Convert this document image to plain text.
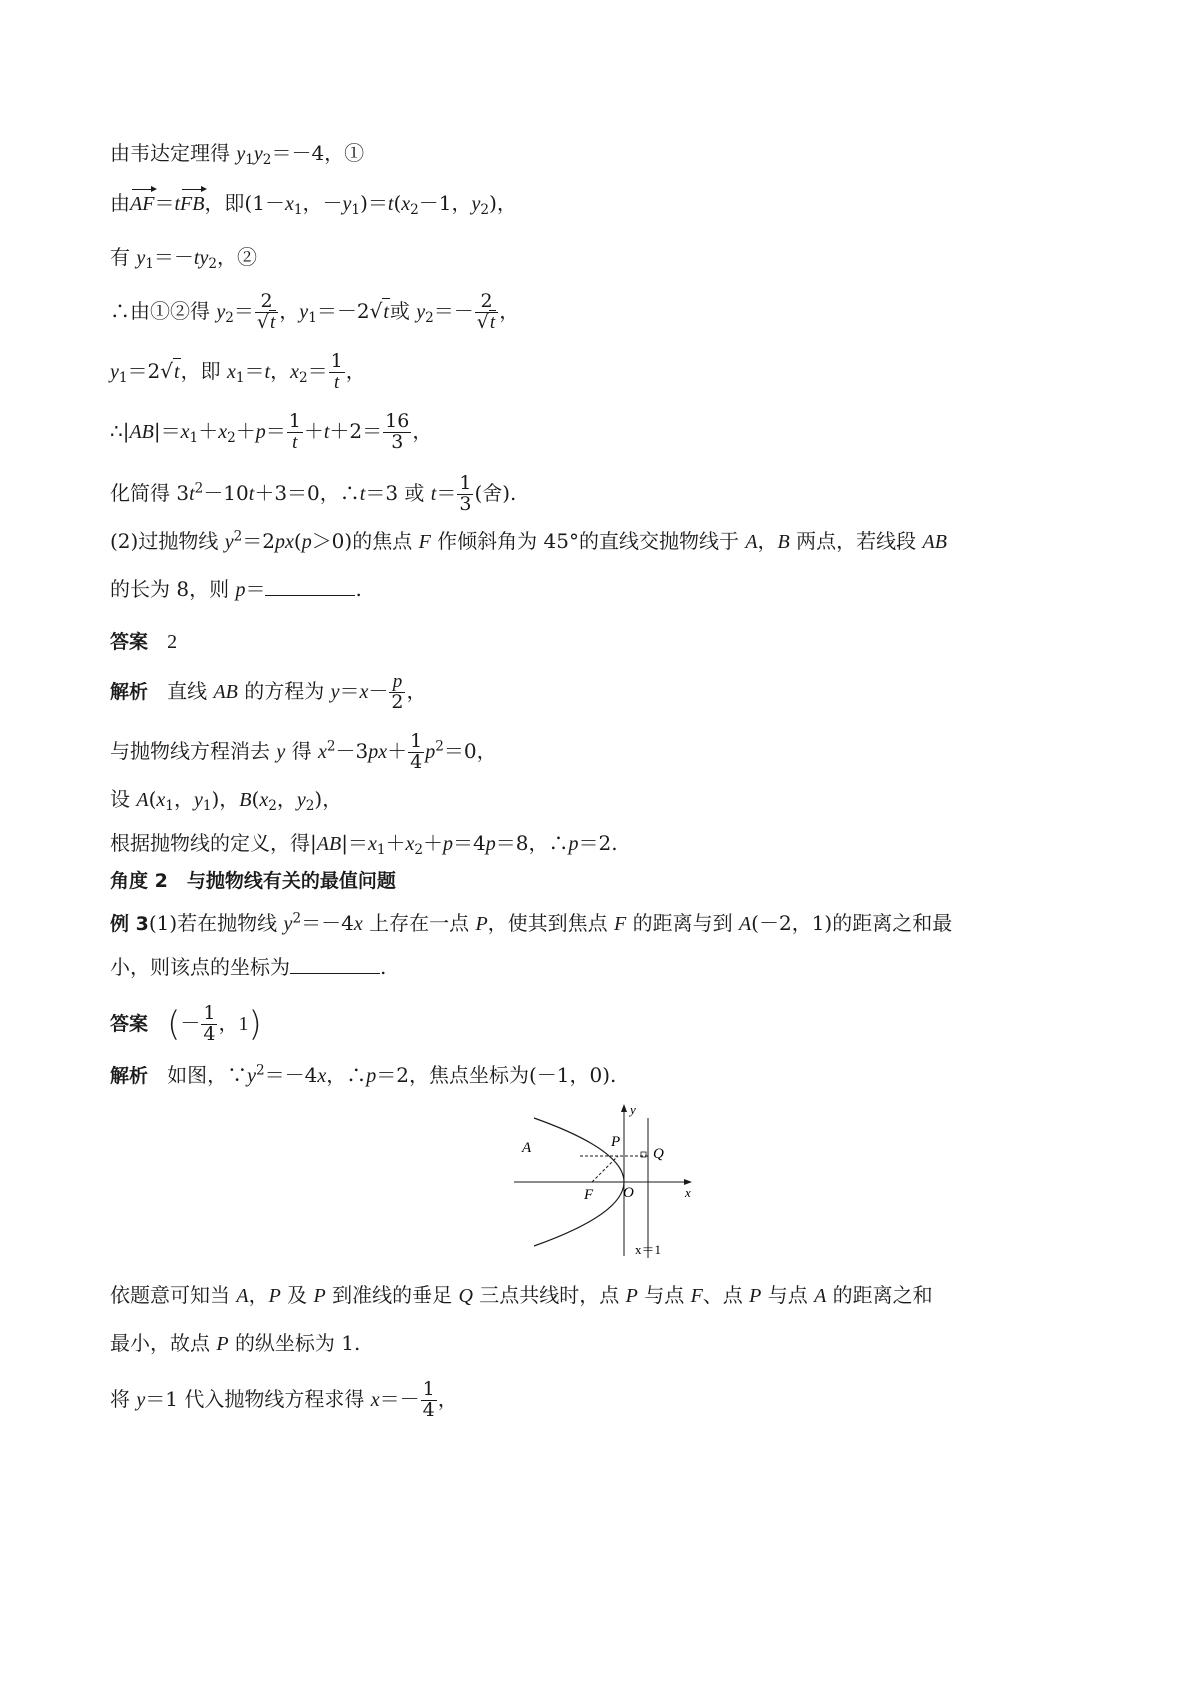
由韦达定理得 $y_1y_2=-4$，①
由AF＝tFB，即($1-x_1$，$-y_1)=t(x_2-1$，$y_2$)，
有 $y_1=-ty_2$，②
∴由①②得 $y_2= \frac{2}{√t}$ ，$y_1=-2√t$或 $y_2=- \frac{2}{√t}$ ，
$y_1=2√t$，即 $x_1=t$，$x_2= \frac{1}{t}$ ，
$\therefore|AB|=x_1+x_2+p= \frac{1}{t} +t+2= \frac{16}{3}$ ，
化简得 $3t^2-10t+3=0$，∴t＝3 或 $t= \frac{1}{3}$ (舍).
(2)过抛物线 $y^2=2px(p>0)$的焦点 F 作倾斜角为 45°的直线交抛物线于 A，B 两点，若线段 AB
的长为 8，则 p＝	.
答案 2
解析 直线 AB 的方程为 $y=x- \frac{p}{2}$ ，
与抛物线方程消去 y 得 $x^2-3px+ \frac{1}{4} p^2=0$，
设 $A(x_1$，$y_1$)，$B(x_2$，$y_2$)，
根据抛物线的定义，得$|AB|=x_1+x_2+p=4p=8$，∴p＝2.
角度 2　与抛物线有关的最值问题
例 3(1)若在抛物线 $y^2=-4x$ 上存在一点 P，使其到焦点 F 的距离与到 A(－2，1)的距离之和最
小，则该点的坐标为	.
答案 (－ $\frac{1}{4}$ ，1)
解析 如图，$\because y^2=-4x$，∴p＝2，焦点坐标为(－1，0).
A	P
Q
F O	x
y
x＝1
依题意可知当 A，P 及 P 到准线的垂足 Q 三点共线时，点 P 与点 F、点 P 与点 A 的距离之和
最小，故点 P 的纵坐标为 1.
将 y＝1 代入抛物线方程求得 $x=- \frac{1}{4}$ ，
